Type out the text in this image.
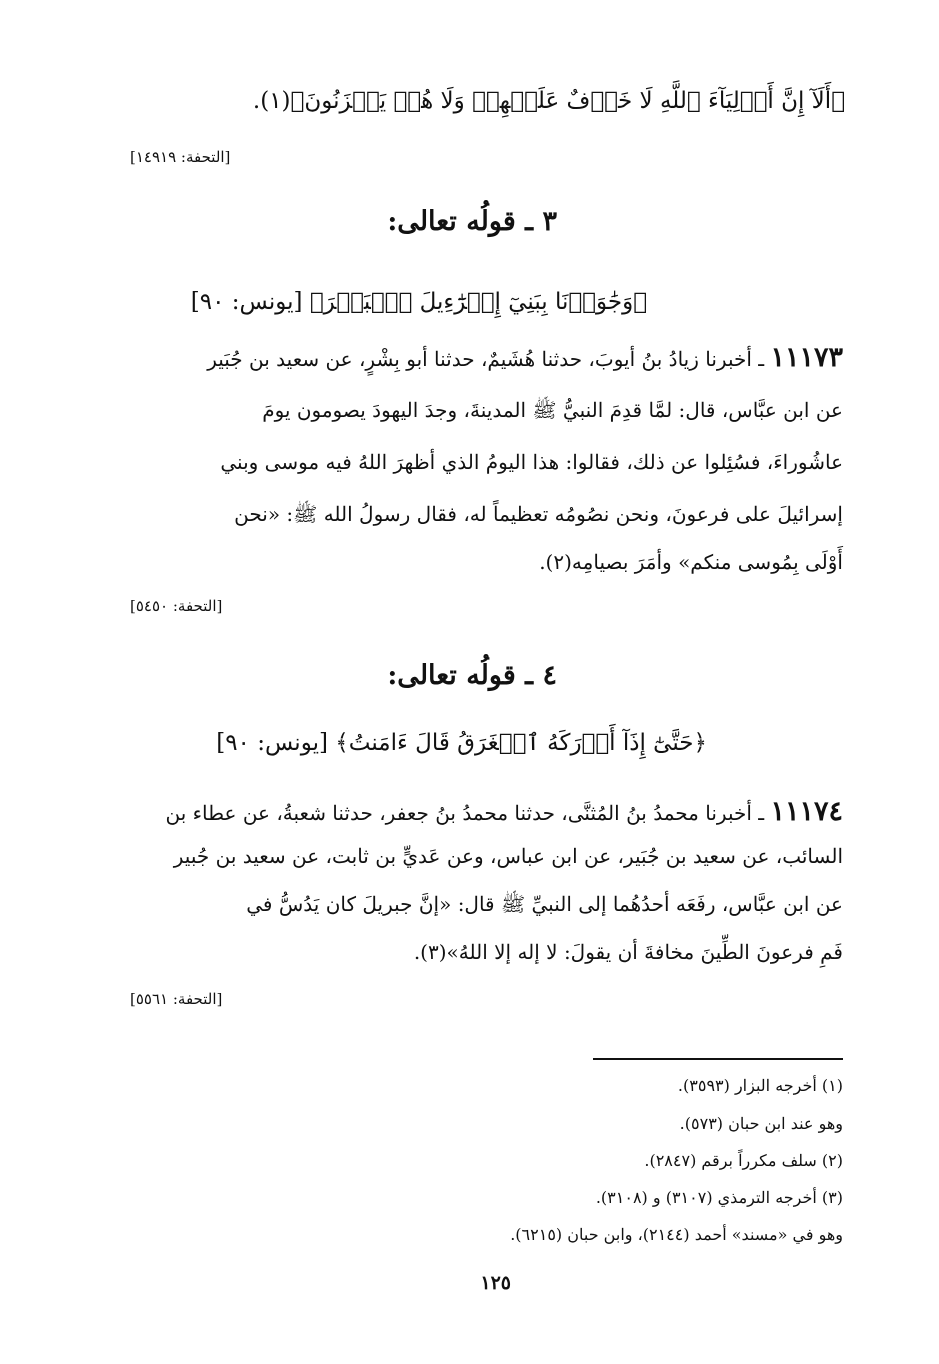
﴿أَلَآ إِنَّ أَوۡلِيَآءَ ٱللَّهِ لَا خَوۡفٌ عَلَيۡهِمۡ وَلَا هُمۡ يَحۡزَنُونَ﴾(١).
[التحفة: ١٤٩١٩]
٣ ـ قولُه تعالى:
﴿وَجَٰوَزۡنَا بِبَنِيٓ إِسۡرَٰٓءِيلَ ٱلۡبَحۡرَ﴾ [يونس: ٩٠]
١١١٧٣ ـ أخبرنا زيادُ بنُ أيوبَ، حدثنا هُشَيمٌ، حدثنا أبو بِشْرٍ، عن سعيد بن جُبَير
عن ابن عبَّاس، قال: لمَّا قدِمَ النبيُّ ﷺ المدينةَ، وجدَ اليهودَ يصومون يومَ
عاشُوراءَ، فسُئِلوا عن ذلك، فقالوا: هذا اليومُ الذي أظهرَ اللهُ فيه موسى وبني
إسرائيلَ على فرعونَ، ونحن نصُومُه تعظيماً له، فقال رسولُ الله ﷺ: «نحن
أَوْلَى بِمُوسى منكم» وأمَرَ بصيامِه(٢).
[التحفة: ٥٤٥٠]
٤ ـ قولُه تعالى:
﴿حَتَّىٰٓ إِذَآ أَدۡرَكَهُ ٱلۡغَرَقُ قَالَ ءَامَنتُ﴾ [يونس: ٩٠]
١١١٧٤ ـ أخبرنا محمدُ بنُ المُثنَّى، حدثنا محمدُ بنُ جعفر، حدثنا شعبةُ، عن عطاء بن
السائب، عن سعيد بن جُبَير، عن ابن عباس، وعن عَديٍّ بن ثابت، عن سعيد بن جُبير
عن ابن عبَّاس، رفَعَه أحدُهُما إلى النبيِّ ﷺ قال: «إنَّ جبريلَ كان يَدُسُّ في
فَمِ فرعونَ الطِّينَ مخافةَ أن يقولَ: لا إله إلا اللهُ»(٣).
[التحفة: ٥٥٦١]
(١) أخرجه البزار (٣٥٩٣).
وهو عند ابن حبان (٥٧٣).
(٢) سلف مكرراً برقم (٢٨٤٧).
(٣) أخرجه الترمذي (٣١٠٧) و (٣١٠٨).
وهو في «مسند» أحمد (٢١٤٤)، وابن حبان (٦٢١٥).
١٢٥
